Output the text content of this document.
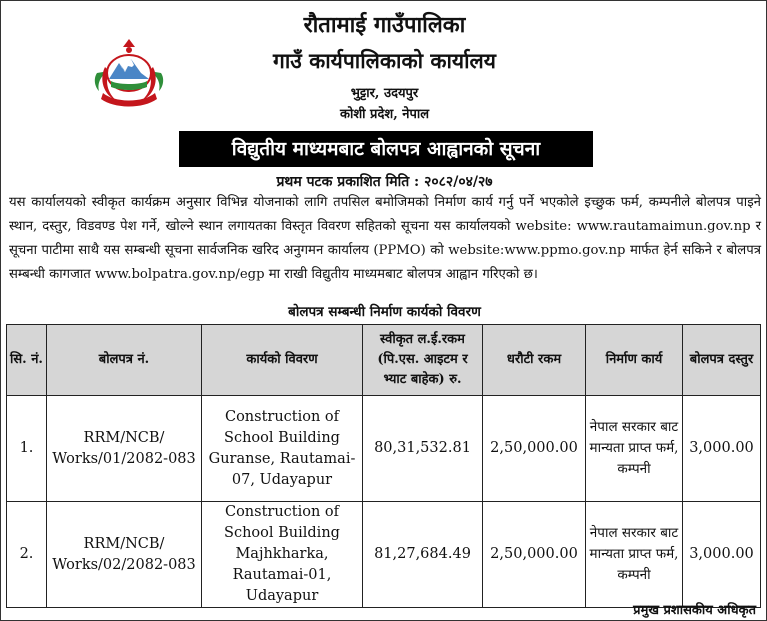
रौतामाई गाउँपालिका
गाउँ कार्यपालिकाको कार्यालय
भुट्टार, उदयपुर
कोशी प्रदेश, नेपाल
विद्युतीय माध्यमबाट बोलपत्र आह्वानको सूचना
प्रथम पटक प्रकाशित मिति : २०८२/०४/२७
यस कार्यालयको स्वीकृत कार्यक्रम अनुसार विभिन्न योजनाको लागि तपसिल बमोजिमको निर्माण कार्य गर्नु पर्ने भएकोले इच्छुक फर्म, कम्पनीले बोलपत्र पाइने स्थान, दस्तुर, विडवण्ड पेश गर्ने, खोल्ने स्थान लगायतका विस्तृत विवरण सहितको सूचना यस कार्यालयको website: www.rautamaimun.gov.np र सूचना पाटीमा साथै यस सम्बन्धी सूचना सार्वजनिक खरिद अनुगमन कार्यालय (PPMO) को website:www.ppmo.gov.np मार्फत हेर्न सकिने र बोलपत्र सम्बन्धी कागजात www.bolpatra.gov.np/egp मा राखी विद्युतीय माध्यमबाट बोलपत्र आह्वान गरिएको छ।
बोलपत्र सम्बन्धी निर्माण कार्यको विवरण
सि. नं.	बोलपत्र नं.	कार्यको विवरण	स्वीकृत ल.ई.रकम (पि.एस. आइटम र भ्याट बाहेक) रु.	धरौटी रकम	निर्माण कार्य	बोलपत्र दस्तुर
1.	RRM/NCB/ Works/01/2082-083	Construction of School Building Guranse, Rautamai-07, Udayapur	80,31,532.81	2,50,000.00	नेपाल सरकार बाट मान्यता प्राप्त फर्म, कम्पनी	3,000.00
2.	RRM/NCB/ Works/02/2082-083	Construction of School Building Majhkharka, Rautamai-01, Udayapur	81,27,684.49	2,50,000.00	नेपाल सरकार बाट मान्यता प्राप्त फर्म, कम्पनी	3,000.00
प्रमुख प्रशासकीय अधिकृत
